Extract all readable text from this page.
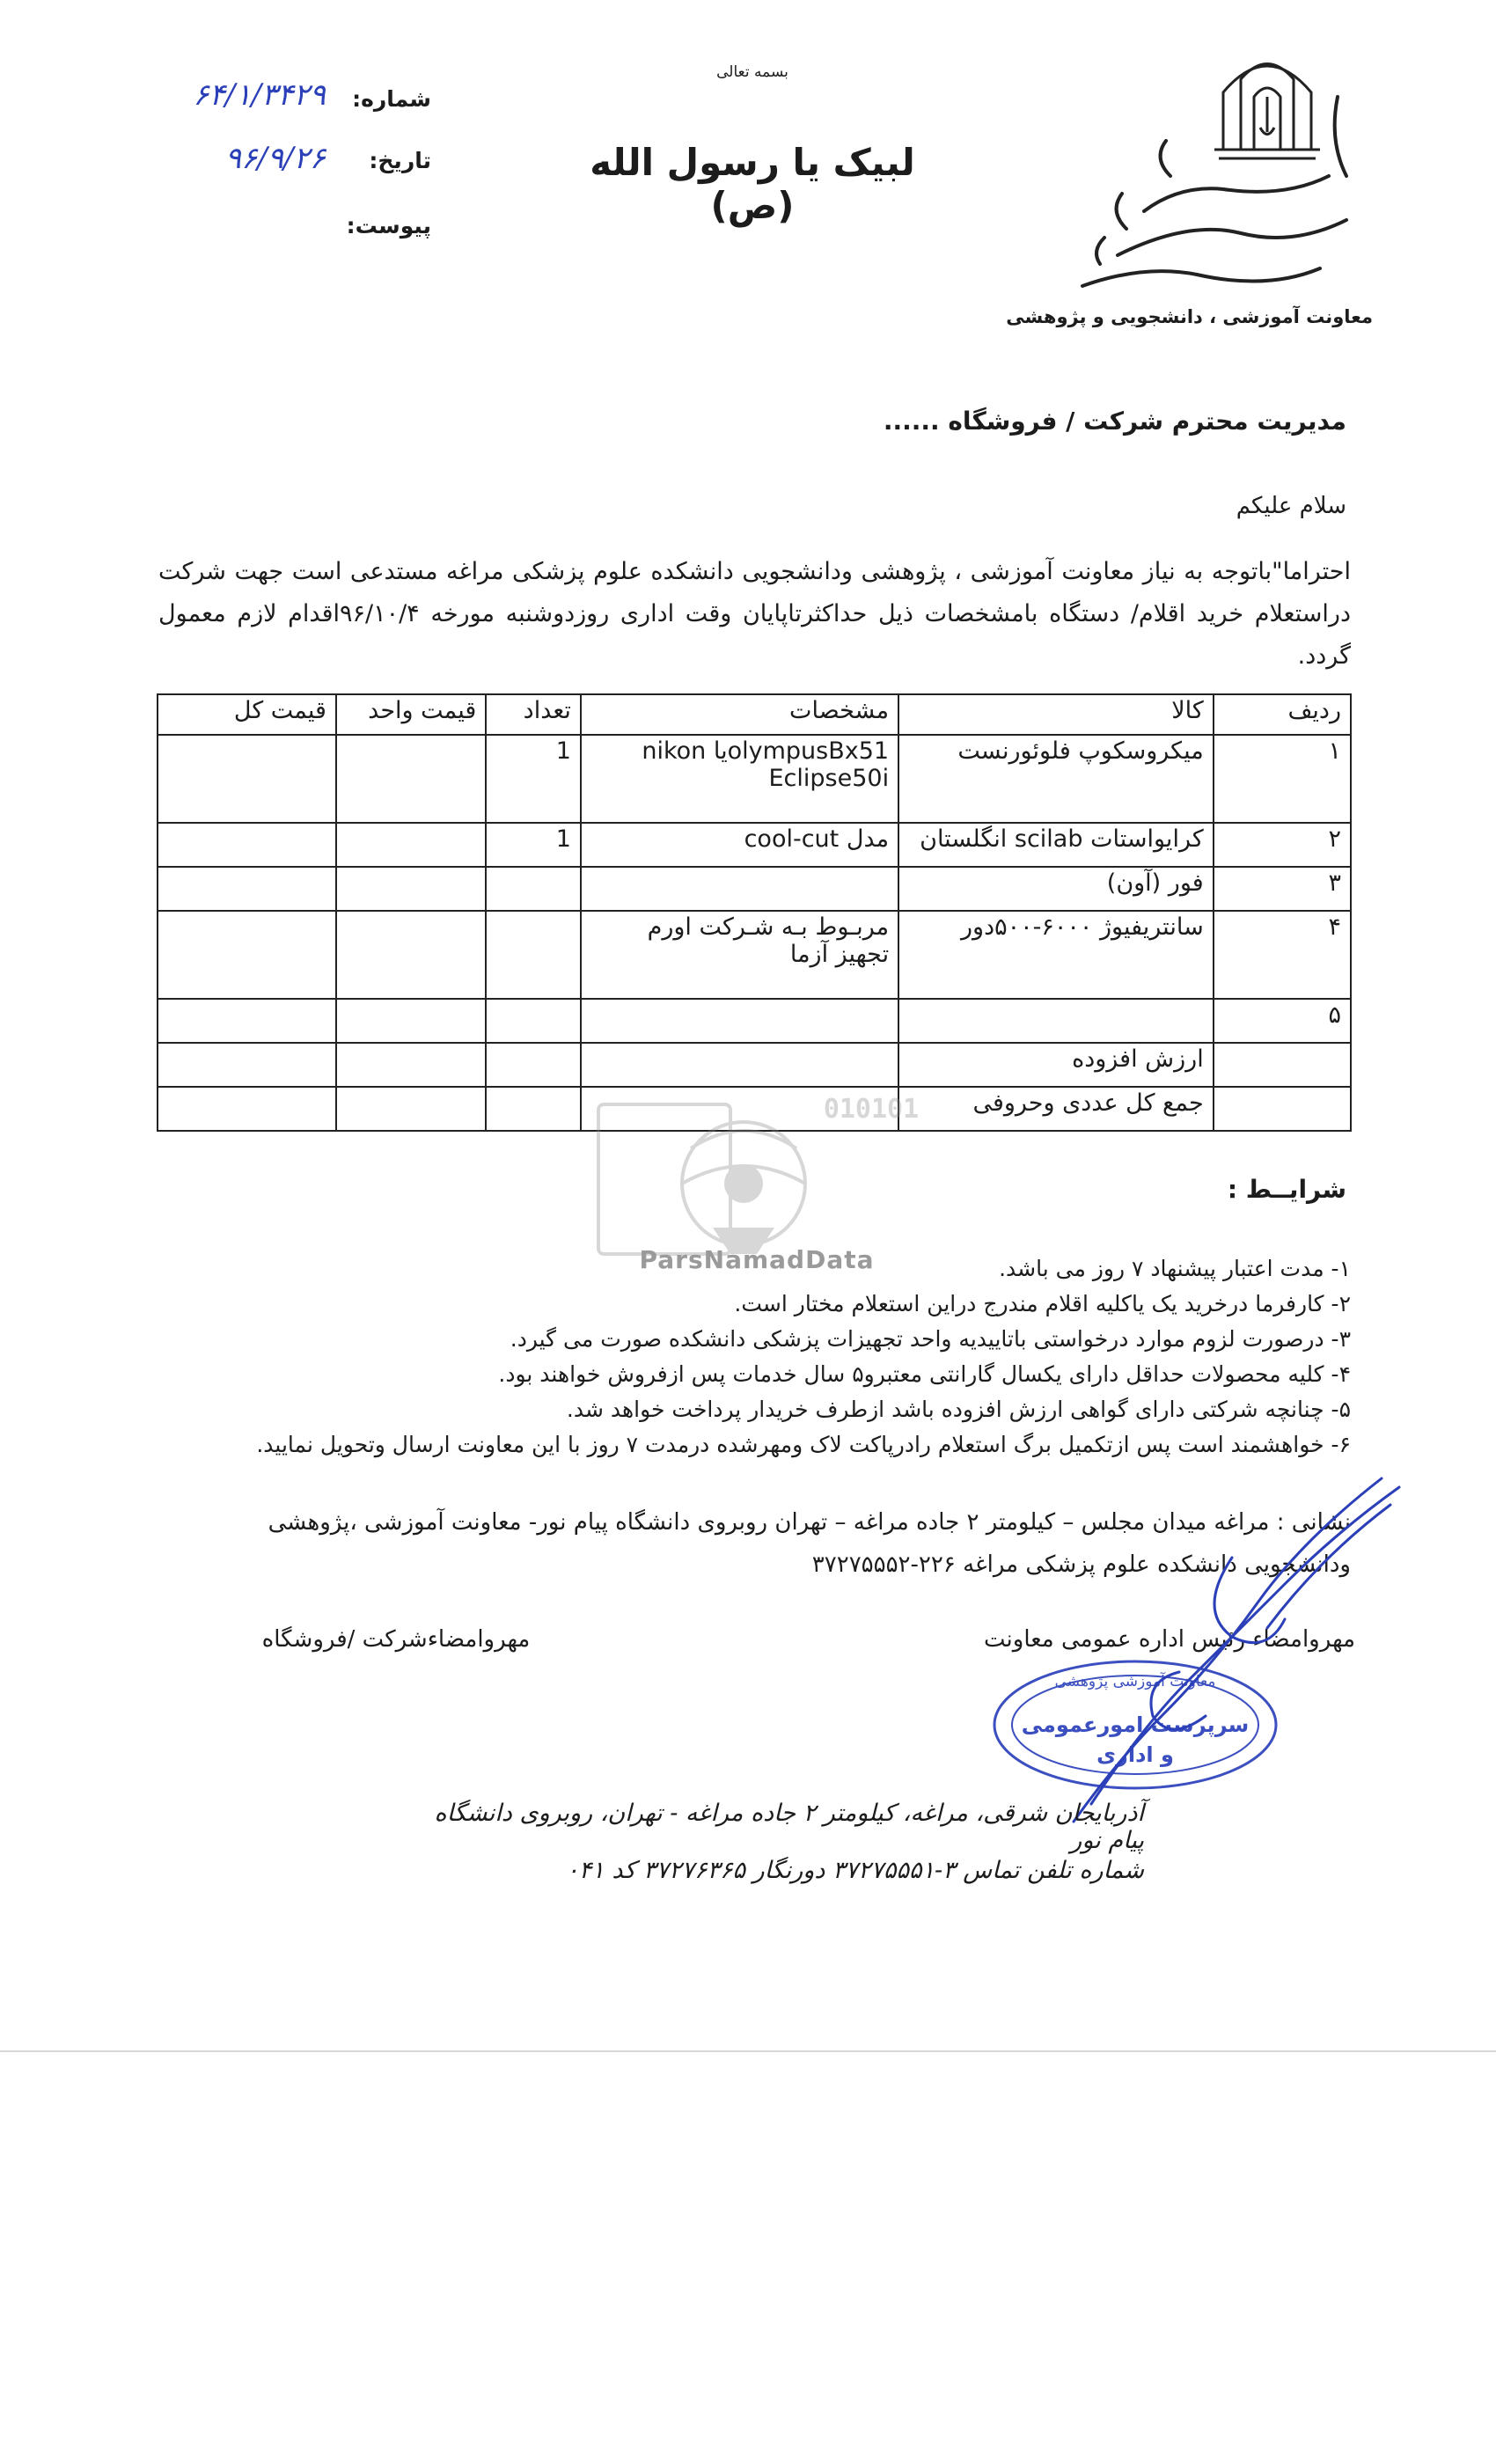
بسمه تعالی
لبیک یا رسول الله (ص)
شماره:
۶۴/۱/۳۴۲۹
تاریخ:
۹۶/۹/۲۶
پیوست:
معاونت آموزشی ، دانشجویی و پژوهشی
مدیریت محترم شرکت / فروشگاه ......
سلام علیکم
احتراما"باتوجه به نیاز معاونت آموزشی ، پژوهشی ودانشجویی دانشکده علوم پزشکی مراغه مستدعی است جهت شرکت دراستعلام خرید اقلام/ دستگاه بامشخصات ذیل حداکثرتاپایان وقت اداری روزدوشنبه مورخه ۹۶/۱۰/۴اقدام لازم معمول گردد.
ردیف	کالا	مشخصات	تعداد	قیمت واحد	قیمت کل
۱	میکروسکوپ فلوئورنست	olympusBx51یا nikon Eclipse50i	1		
۲	کرایواستات scilab انگلستان	مدل cool-cut	1		
۳	فور (آون)				
۴	سانتریفیوژ ۶۰۰۰-۵۰۰دور	مربـوط بـه شـرکت اورم تجهیز آزما			
۵					
	ارزش افزوده				
	جمع کل عددی وحروفی				
010101
ParsNamadData
شرایــط :
۱- مدت اعتبار پیشنهاد ۷ روز می باشد.
۲- کارفرما درخرید یک یاکلیه اقلام مندرج دراین استعلام مختار است.
۳- درصورت لزوم موارد درخواستی باتاییدیه واحد تجهیزات پزشکی دانشکده صورت می گیرد.
۴- کلیه محصولات حداقل دارای یکسال گارانتی معتبرو۵ سال خدمات پس ازفروش خواهند بود.
۵- چنانچه شرکتی دارای گواهی ارزش افزوده باشد ازطرف خریدار پرداخت خواهد شد.
۶- خواهشمند است پس ازتکمیل برگ استعلام رادرپاکت لاک ومهرشده درمدت ۷ روز با این معاونت ارسال وتحویل نمایید.
نشانی : مراغه میدان مجلس – کیلومتر ۲ جاده مراغه – تهران روبروی دانشگاه پیام نور- معاونت آموزشی ،پژوهشی ودانشجویی دانشکده علوم پزشکی مراغه ۲۲۶-۳۷۲۷۵۵۵۲
مهروامضاءشرکت /فروشگاه	مهروامضاء رئیس اداره عمومی معاونت
معاونت آموزشی پژوهشی
سرپرست امورعمومی
و اداری
آذربایجان شرقی، مراغه، کیلومتر ۲ جاده مراغه - تهران، روبروی دانشگاه پیام نور
شماره تلفن تماس ۳-۳۷۲۷۵۵۵۱ دورنگار ۳۷۲۷۶۳۶۵ کد ۰۴۱
